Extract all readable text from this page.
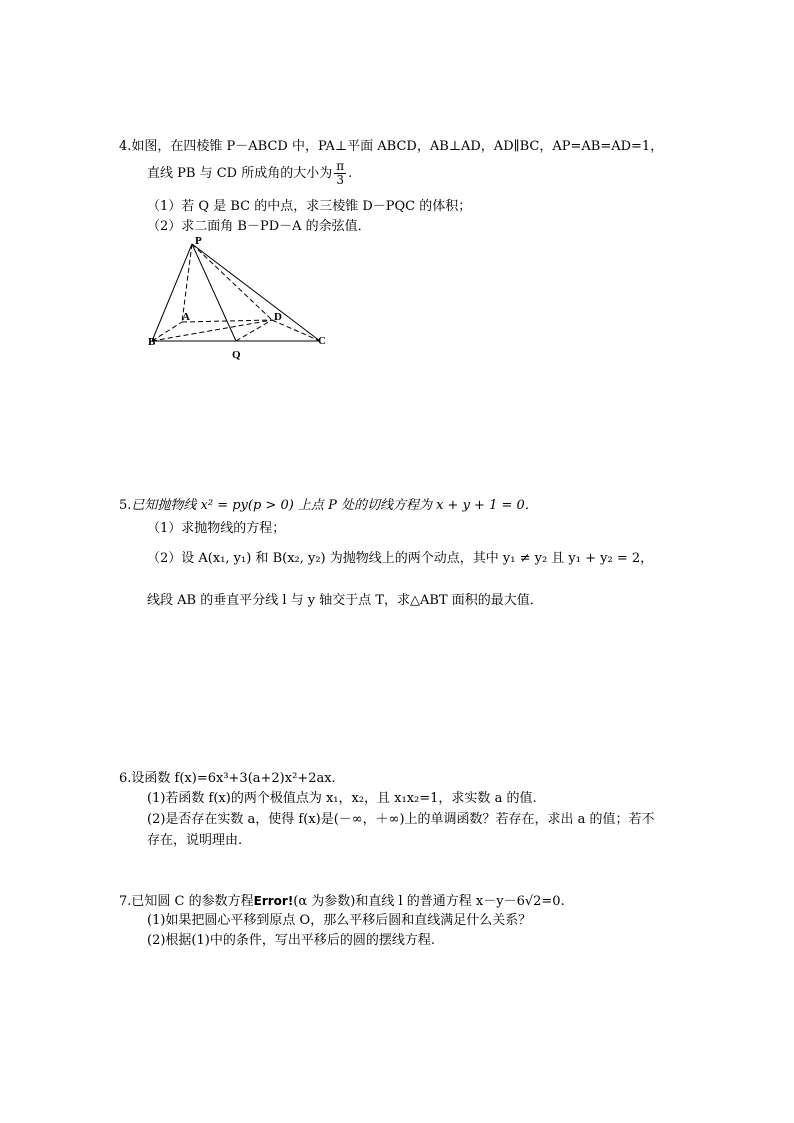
4.如图，在四棱锥 P－ABCD 中，PA⊥平面 ABCD，AB⊥AD，AD∥BC，AP=AB=AD=1，
直线 PB 与 CD 所成角的大小为 $\frac{\pi}{3}$ .
（1）若 Q 是 BC 的中点，求三棱锥 D－PQC 的体积；
（2）求二面角 B－PD－A 的余弦值．
P
A	D
B
Q
C
5.已知抛物线 x² = py(p > 0) 上点 P 处的切线方程为 x + y + 1 = 0．
（1）求抛物线的方程；
（2）设 A(x₁, y₁) 和 B(x₂, y₂) 为抛物线上的两个动点，其中 y₁ ≠ y₂ 且 y₁ + y₂ = 2，
线段 AB 的垂直平分线 l 与 y 轴交于点 T，求△ABT 面积的最大值．
6.设函数 f(x)=6x³+3(a+2)x²+2ax.
(1)若函数 f(x)的两个极值点为 x₁，x₂，且 x₁x₂=1，求实数 a 的值.
(2)是否存在实数 a，使得 f(x)是(－∞，＋∞)上的单调函数？若存在，求出 a 的值；若不
存在，说明理由.
7.已知圆 C 的参数方程Error!(α 为参数)和直线 l 的普通方程 x－y－6√2=0.
(1)如果把圆心平移到原点 O，那么平移后圆和直线满足什么关系？
(2)根据(1)中的条件，写出平移后的圆的摆线方程.
